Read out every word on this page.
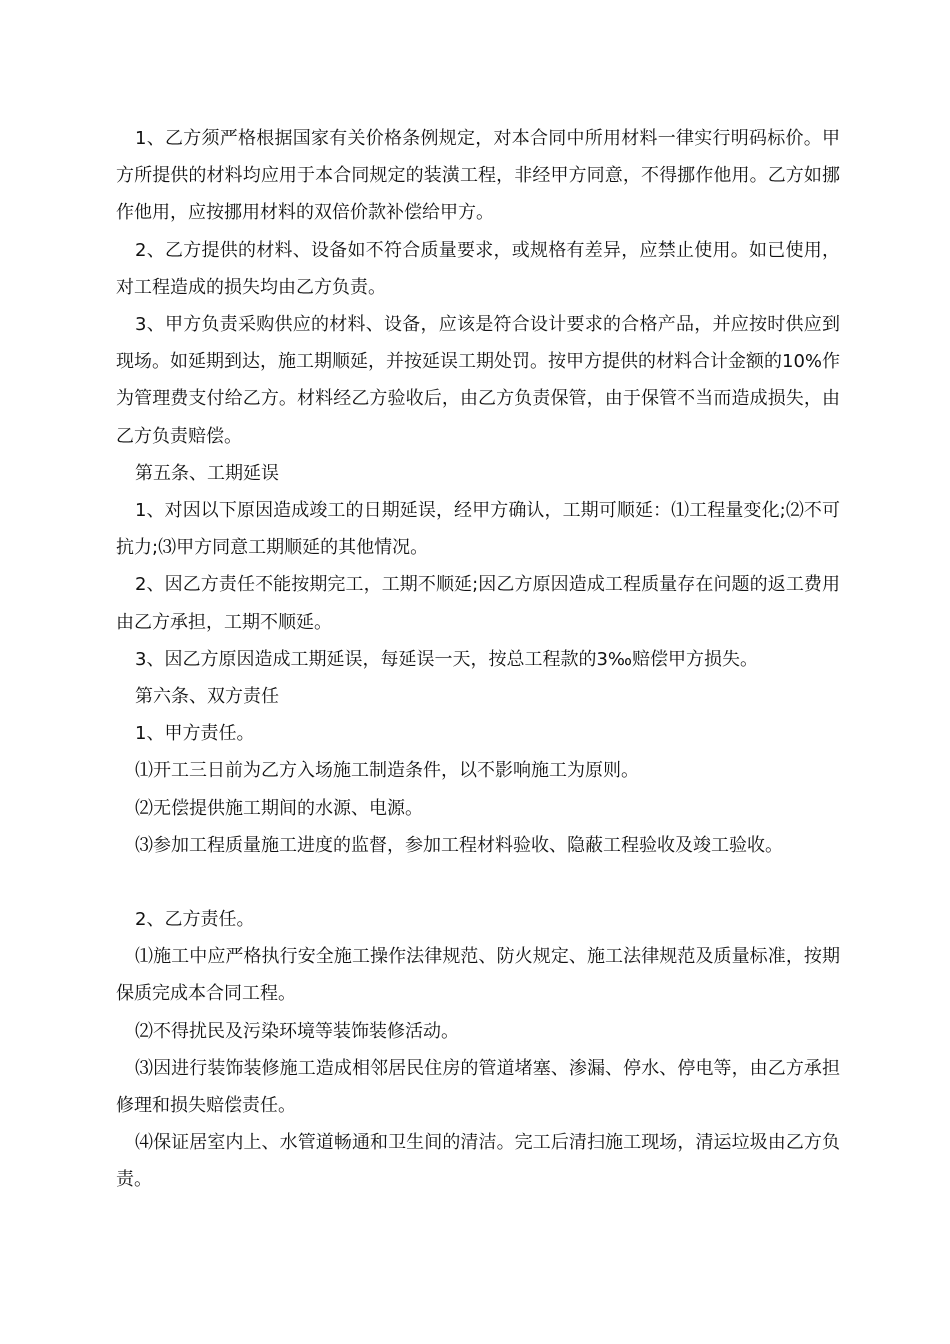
1、乙方须严格根据国家有关价格条例规定，对本合同中所用材料一律实行明码标价。甲方所提供的材料均应用于本合同规定的装潢工程，非经甲方同意，不得挪作他用。乙方如挪作他用，应按挪用材料的双倍价款补偿给甲方。

2、乙方提供的材料、设备如不符合质量要求，或规格有差异，应禁止使用。如已使用，对工程造成的损失均由乙方负责。

3、甲方负责采购供应的材料、设备，应该是符合设计要求的合格产品，并应按时供应到现场。如延期到达，施工期顺延，并按延误工期处罚。按甲方提供的材料合计金额的10%作为管理费支付给乙方。材料经乙方验收后，由乙方负责保管，由于保管不当而造成损失，由乙方负责赔偿。

第五条、工期延误

1、对因以下原因造成竣工的日期延误，经甲方确认，工期可顺延：⑴工程量变化;⑵不可抗力;⑶甲方同意工期顺延的其他情况。

2、因乙方责任不能按期完工，工期不顺延;因乙方原因造成工程质量存在问题的返工费用由乙方承担，工期不顺延。

3、因乙方原因造成工期延误，每延误一天，按总工程款的3‰赔偿甲方损失。

第六条、双方责任

1、甲方责任。

⑴开工三日前为乙方入场施工制造条件，以不影响施工为原则。

⑵无偿提供施工期间的水源、电源。

⑶参加工程质量施工进度的监督，参加工程材料验收、隐蔽工程验收及竣工验收。

2、乙方责任。

⑴施工中应严格执行安全施工操作法律规范、防火规定、施工法律规范及质量标准，按期保质完成本合同工程。

⑵不得扰民及污染环境等装饰装修活动。

⑶因进行装饰装修施工造成相邻居民住房的管道堵塞、渗漏、停水、停电等，由乙方承担修理和损失赔偿责任。

⑷保证居室内上、水管道畅通和卫生间的清洁。完工后清扫施工现场，清运垃圾由乙方负责。
